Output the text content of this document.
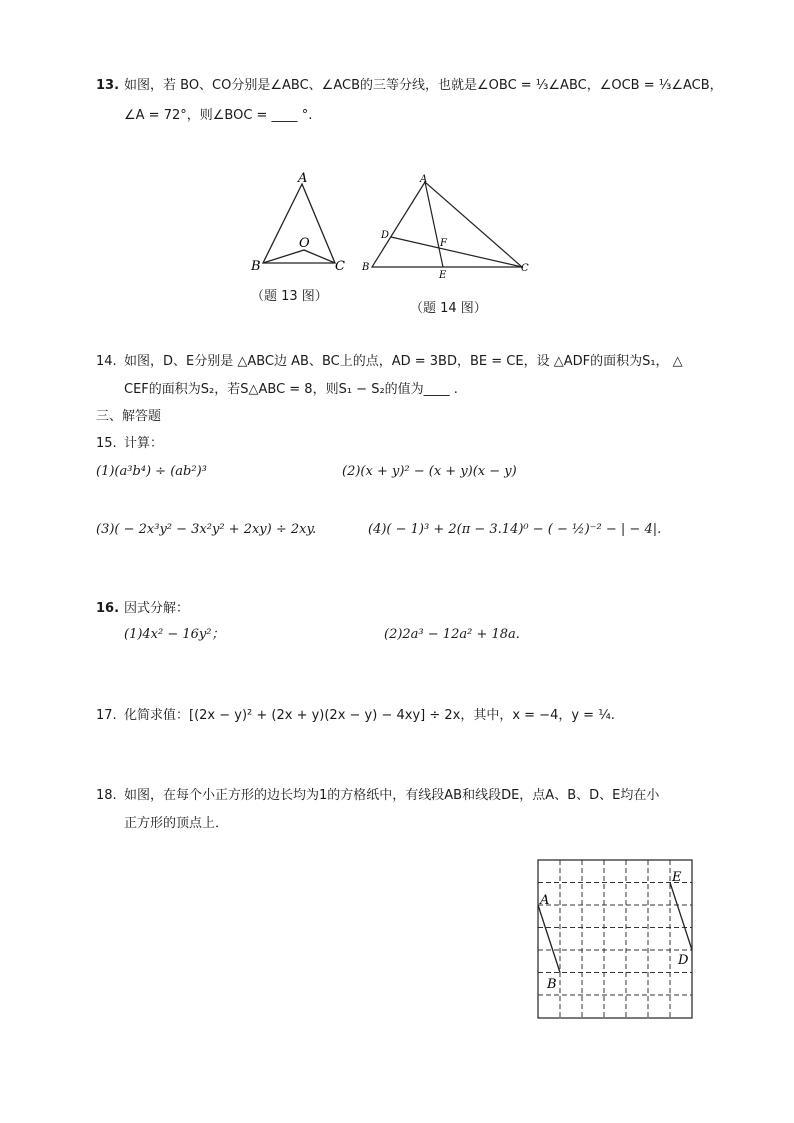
13. 如图，若 BO、CO分别是∠ABC、∠ACB的三等分线，也就是∠OBC = ⅓∠ABC，∠OCB = ⅓∠ACB，
∠A = 72°，则∠BOC = ____ °.
A
B	C
O
（题 13 图）
A
B	C
D
E
F
（题 14 图）
14. 如图，D、E分别是 △ABC边 AB、BC上的点，AD = 3BD，BE = CE，设 △ADF的面积为S₁， △
CEF的面积为S₂，若S△ABC = 8，则S₁ − S₂的值为____ .
三、解答题
15. 计算：
(1)(a³b⁴) ÷ (ab²)³	(2)(x + y)² − (x + y)(x − y)
(3)( − 2x³y² − 3x²y² + 2xy) ÷ 2xy.	(4)( − 1)³ + 2(π − 3.14)⁰ − ( − ½)⁻² − | − 4|.
16. 因式分解：
(1)4x² − 16y²；	(2)2a³ − 12a² + 18a.
17. 化简求值：[(2x − y)² + (2x + y)(2x − y) − 4xy] ÷ 2x，其中，x = −4，y = ¼.
18. 如图，在每个小正方形的边长均为1的方格纸中，有线段AB和线段DE，点A、B、D、E均在小
正方形的顶点上．
A
B
D
E
